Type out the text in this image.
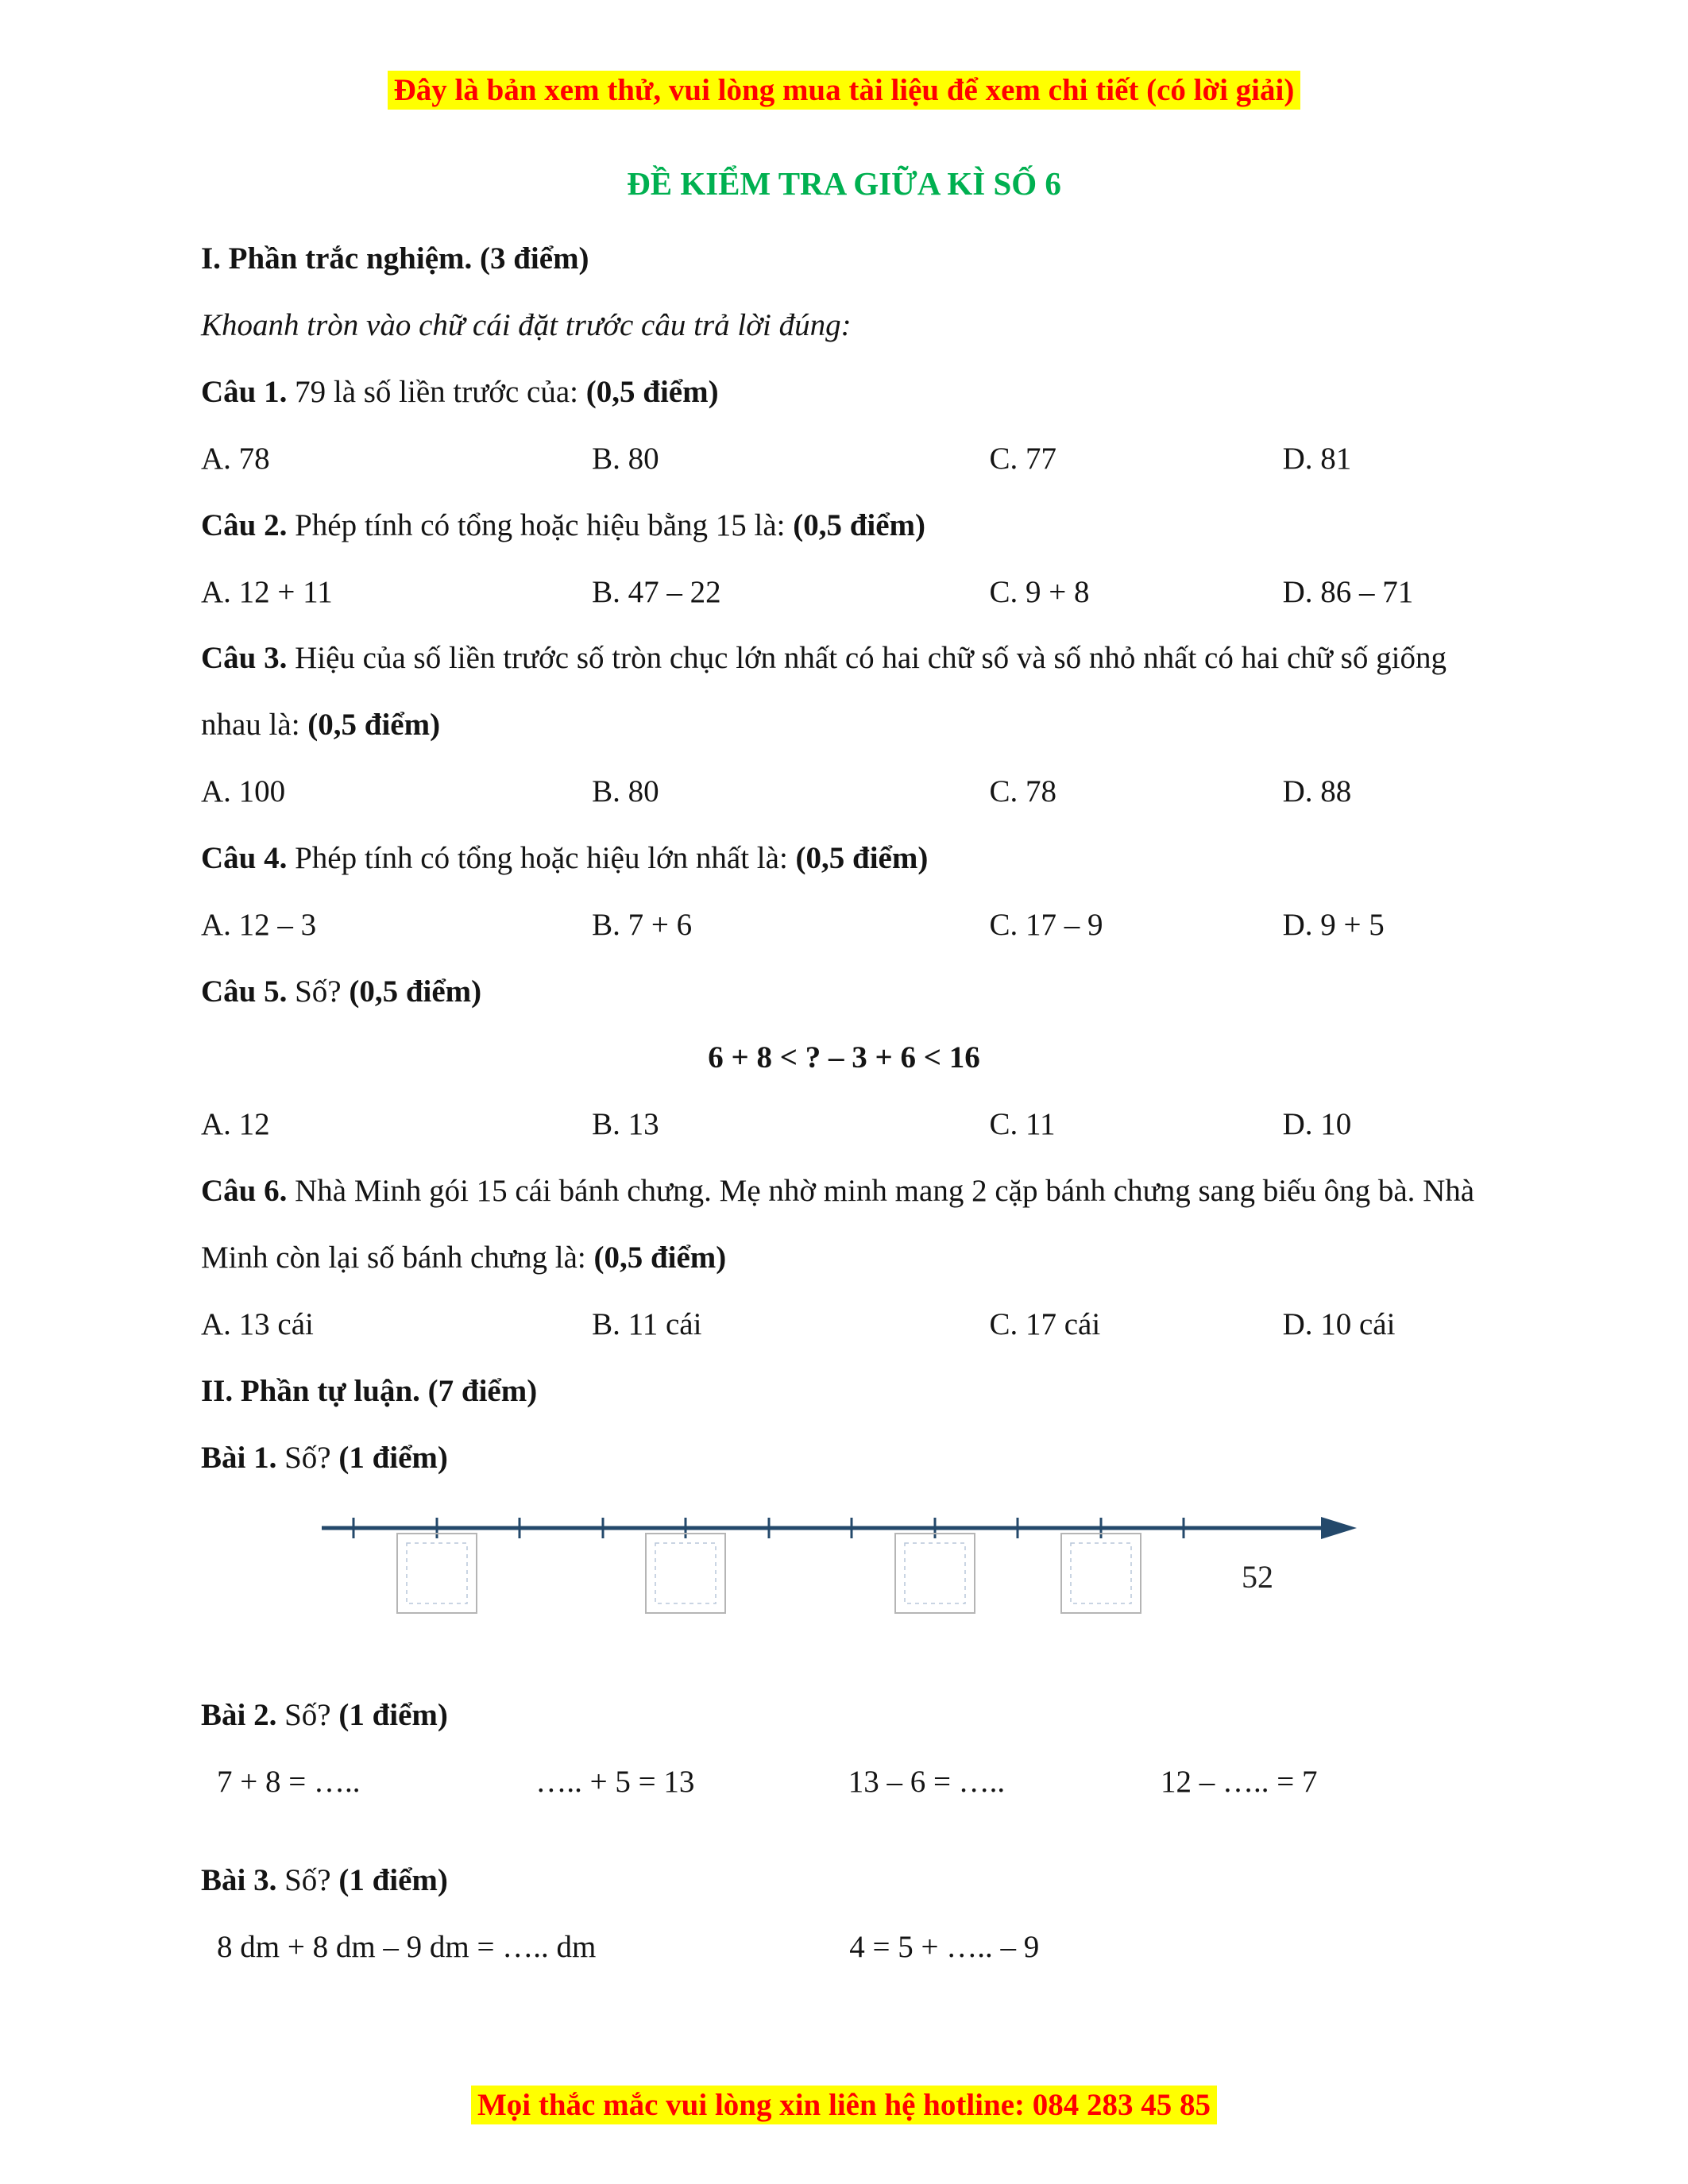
Đây là bản xem thử, vui lòng mua tài liệu để xem chi tiết (có lời giải)

ĐỀ KIỂM TRA GIỮA KÌ SỐ 6

I. Phần trắc nghiệm. (3 điểm)

Khoanh tròn vào chữ cái đặt trước câu trả lời đúng:

Câu 1. 79 là số liền trước của: (0,5 điểm)

A. 78	B. 80	C. 77	D. 81

Câu 2. Phép tính có tổng hoặc hiệu bằng 15 là: (0,5 điểm)

A. 12 + 11	B. 47 – 22	C. 9 + 8	D. 86 – 71

Câu 3. Hiệu của số liền trước số tròn chục lớn nhất có hai chữ số và số nhỏ nhất có hai chữ số giống nhau là: (0,5 điểm)

A. 100	B. 80	C. 78	D. 88

Câu 4. Phép tính có tổng hoặc hiệu lớn nhất là: (0,5 điểm)

A. 12 – 3	B. 7 + 6	C. 17 – 9	D. 9 + 5

Câu 5. Số? (0,5 điểm)

6 + 8 < ? – 3 + 6 < 16

A. 12	B. 13	C. 11	D. 10

Câu 6. Nhà Minh gói 15 cái bánh chưng. Mẹ nhờ minh mang 2 cặp bánh chưng sang biếu ông bà. Nhà Minh còn lại số bánh chưng là: (0,5 điểm)

A. 13 cái	B. 11 cái	C. 17 cái	D. 10 cái

II. Phần tự luận. (7 điểm)

Bài 1. Số? (1 điểm)

52

Bài 2. Số? (1 điểm)

7 + 8 = …..	….. + 5 = 13	13 – 6 = …..	12 – ….. = 7

Bài 3. Số? (1 điểm)

8 dm + 8 dm – 9 dm = ….. dm	4 = 5 + ….. – 9

Mọi thắc mắc vui lòng xin liên hệ hotline: 084 283 45 85
